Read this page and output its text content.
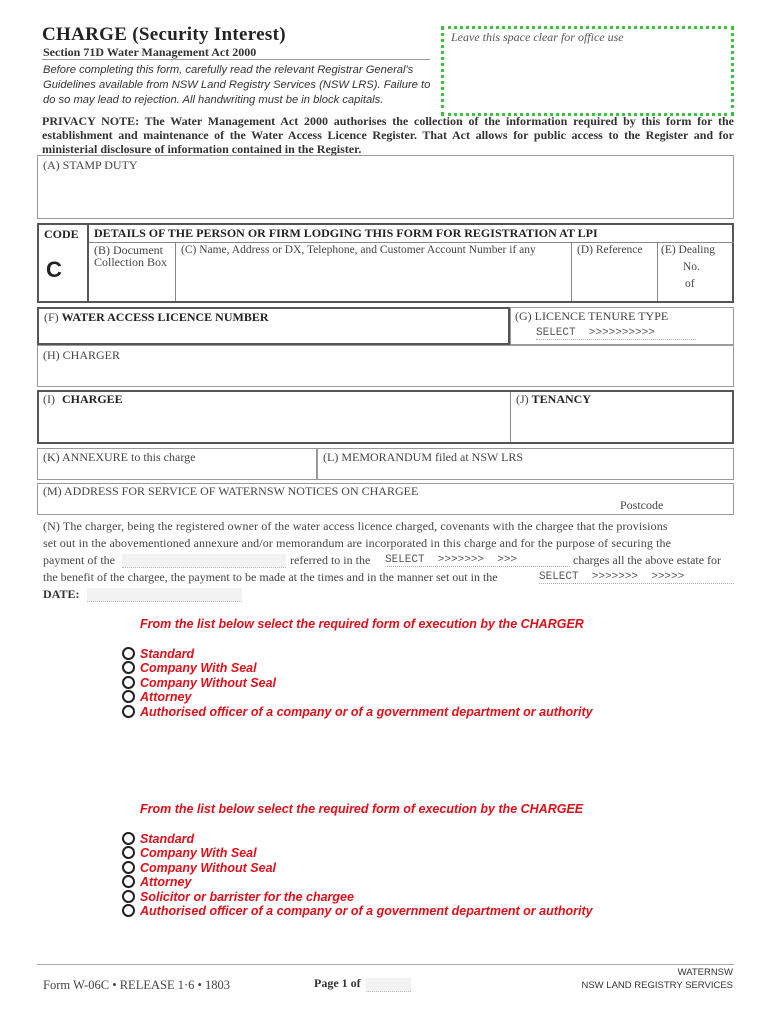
CHARGE (Security Interest)
Section 71D Water Management Act 2000
Before completing this form, carefully read the relevant Registrar General's Guidelines available from NSW Land Registry Services (NSW LRS). Failure to do so may lead to rejection. All handwriting must be in block capitals.
Leave this space clear for office use
PRIVACY NOTE: The Water Management Act 2000 authorises the collection of the information required by this form for the establishment and maintenance of the Water Access Licence Register. That Act allows for public access to the Register and for ministerial disclosure of information contained in the Register.
(A) STAMP DUTY
CODE
C
DETAILS OF THE PERSON OR FIRM LODGING THIS FORM FOR REGISTRATION AT LPI
(B) Document Collection Box
(C) Name, Address or DX, Telephone, and Customer Account Number if any	(D) Reference (E) Dealing
No.
of
(F) WATER ACCESS LICENCE NUMBER	(G) LICENCE TENURE TYPE
SELECT  >>>>>>>>>>
(H) CHARGER
(I) CHARGEE	(J) TENANCY
(K) ANNEXURE to this charge	(L) MEMORANDUM filed at NSW LRS
(M) ADDRESS FOR SERVICE OF WATERNSW NOTICES ON CHARGEE
Postcode
(N) The charger, being the registered owner of the water access licence charged, covenants with the chargee that the provisions
set out in the abovementioned annexure and/or memorandum are incorporated in this charge and for the purpose of securing the
payment of the	referred to in the SELECT  >>>>>>>  >>>	charges all the above estate for
the benefit of the chargee, the payment to be made at the times and in the manner set out in the	SELECT  >>>>>>>  >>>>>
DATE:
From the list below select the required form of execution by the CHARGER
Standard
Company With Seal
Company Without Seal
Attorney
Authorised officer of a company or of a government department or authority
From the list below select the required form of execution by the CHARGEE
Standard
Company With Seal
Company Without Seal
Attorney
Solicitor or barrister for the chargee
Authorised officer of a company or of a government department or authority
Form W-06C • RELEASE 1·6 • 1803	Page 1 of
WATERNSW
NSW LAND REGISTRY SERVICES
